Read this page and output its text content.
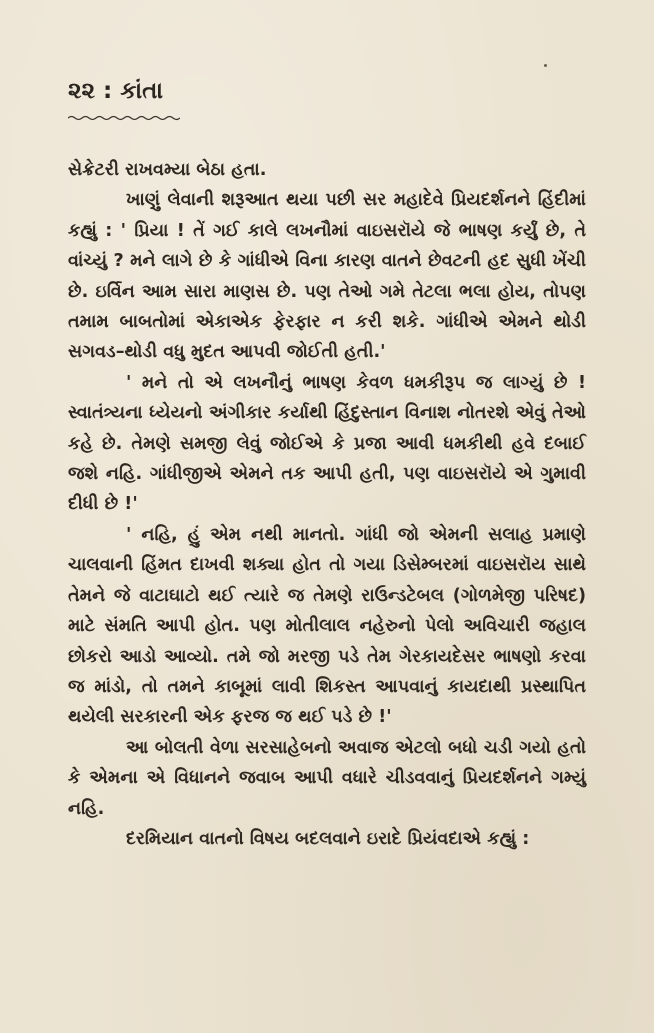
૨૨ : કાંતા

સેક્રેટરી રાખવમ્યા બેઠા હતા.

ખાણું લેવાની શરૂઆત થયા પછી સર મહાદેવે પ્રિયદર્શનને હિંદીમાં કહ્યું : ' પ્રિયા ! તેં ગઈ કાલે લખનૌમાં વાઇસરૉયે જે ભાષણ કર્યું છે, તે વાંચ્યું ? મને લાગે છે કે ગાંધીએ વિના કારણ વાતને છેવટની હદ સુધી ખેંચી છે. ઇર્વિન આમ સારા માણસ છે. પણ તેઓ ગમે તેટલા ભલા હોય, તોપણ તમામ બાબતોમાં એકાએક ફેરફાર ન કરી શકે. ગાંધીએ એમને થોડી સગવડ–થોડી વધુ મુદત આપવી જોઈતી હતી.'

' મને તો એ લખનૌનું ભાષણ કેવળ ધમકીરૂપ જ લાગ્યું છે ! સ્વાતંત્ર્યના ધ્યેયનો અંગીકાર કર્યાથી હિંદુસ્તાન વિનાશ નોતરશે એવું તેઓ કહે છે. તેમણે સમજી લેવું જોઈએ કે પ્રજા આવી ધમકીથી હવે દબાઈ જશે નહિ. ગાંધીજીએ એમને તક આપી હતી, પણ વાઇસરૉયે એ ગુમાવી દીધી છે !'

' નહિ, હું એમ નથી માનતો. ગાંધી જો એમની સલાહ પ્રમાણે ચાલવાની હિંમત દાખવી શક્યા હોત તો ગયા ડિસેમ્બરમાં વાઇસરૉય સાથે તેમને જે વાટાઘાટો થઈ ત્યારે જ તેમણે રાઉન્ડટેબલ (ગોળમેજી પરિષદ) માટે સંમતિ આપી હોત. પણ મોતીલાલ નહેરુનો પેલો અવિચારી જહાલ છોકરો આડો આવ્યો. તમે જો મરજી પડે તેમ ગેરકાયદેસર ભાષણો કરવા જ માંડો, તો તમને કાબૂમાં લાવી શિકસ્ત આપવાનું કાયદાથી પ્રસ્થાપિત થયેલી સરકારની એક ફરજ જ થઈ પડે છે !'

આ બોલતી વેળા સરસાહેબનો અવાજ એટલો બધો ચડી ગયો હતો કે એમના એ વિધાનને જવાબ આપી વધારે ચીડવવાનું પ્રિયદર્શનને ગમ્યું નહિ.

દરમિયાન વાતનો વિષય બદલવાને ઇરાદે પ્રિયંવદાએ કહ્યું :
